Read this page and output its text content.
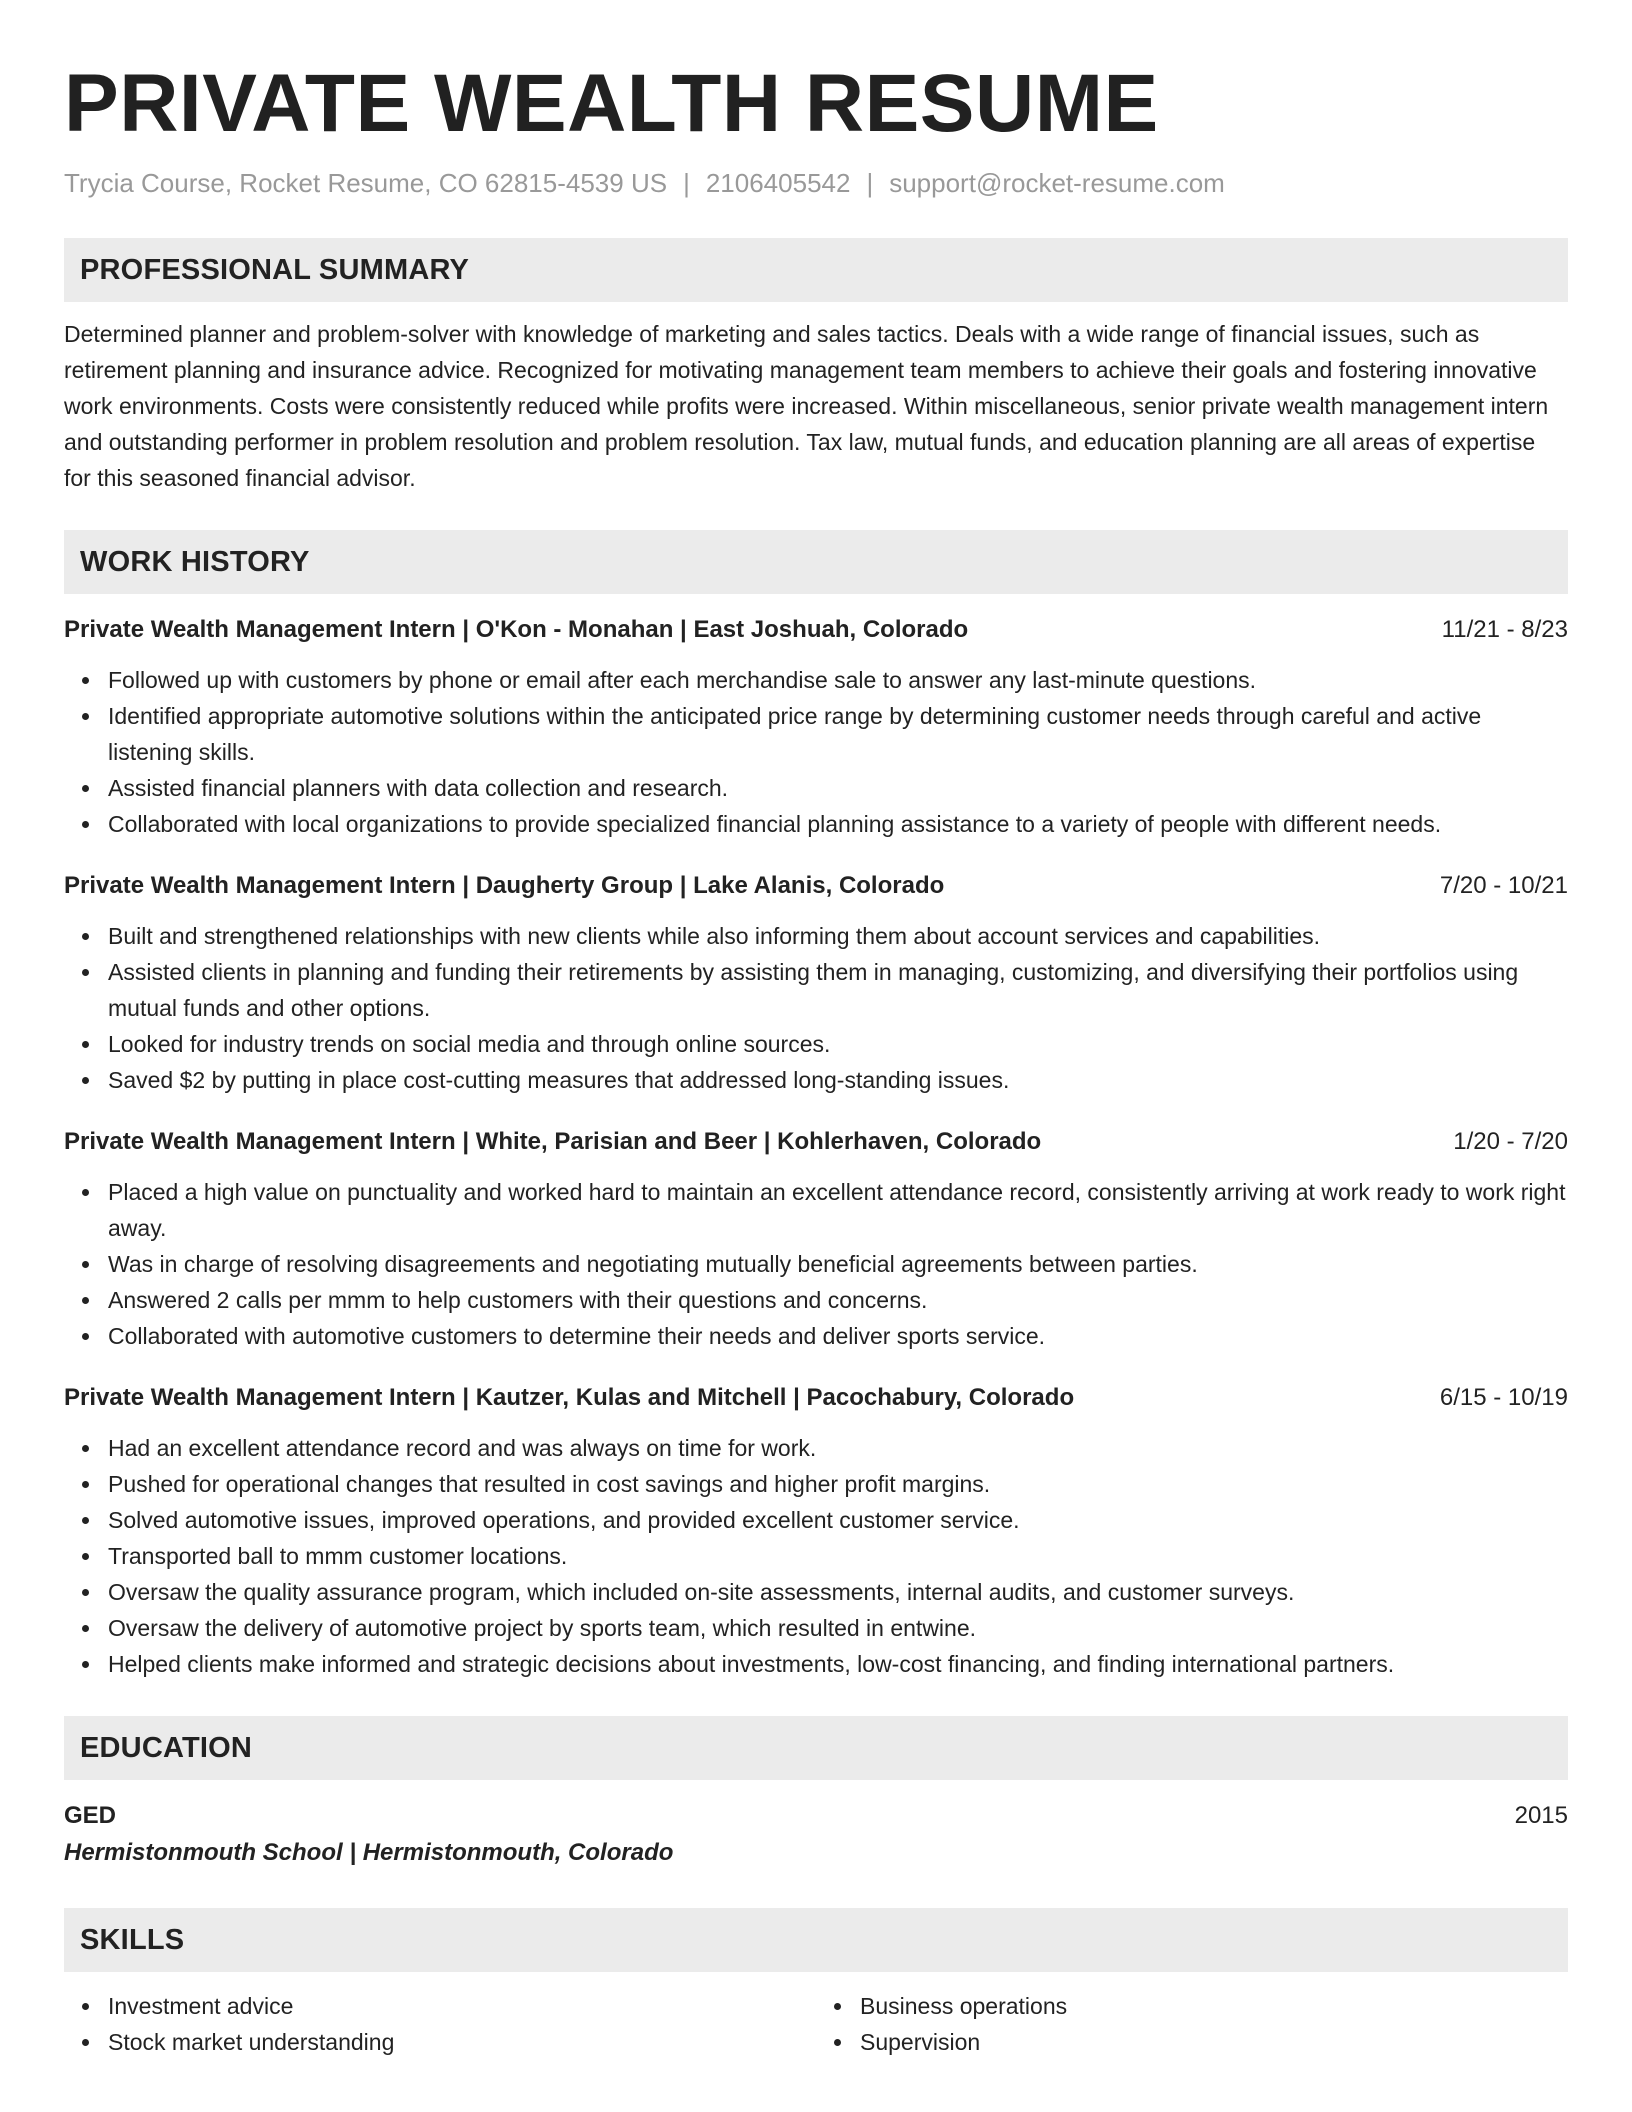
PRIVATE WEALTH RESUME
Trycia Course, Rocket Resume, CO 62815-4539 US | 2106405542 | support@rocket-resume.com
PROFESSIONAL SUMMARY
Determined planner and problem-solver with knowledge of marketing and sales tactics. Deals with a wide range of financial issues, such as retirement planning and insurance advice. Recognized for motivating management team members to achieve their goals and fostering innovative work environments. Costs were consistently reduced while profits were increased. Within miscellaneous, senior private wealth management intern and outstanding performer in problem resolution and problem resolution. Tax law, mutual funds, and education planning are all areas of expertise for this seasoned financial advisor.
WORK HISTORY
Private Wealth Management Intern | O'Kon - Monahan | East Joshuah, Colorado	11/21 - 8/23
Followed up with customers by phone or email after each merchandise sale to answer any last-minute questions.
Identified appropriate automotive solutions within the anticipated price range by determining customer needs through careful and active listening skills.
Assisted financial planners with data collection and research.
Collaborated with local organizations to provide specialized financial planning assistance to a variety of people with different needs.
Private Wealth Management Intern | Daugherty Group | Lake Alanis, Colorado	7/20 - 10/21
Built and strengthened relationships with new clients while also informing them about account services and capabilities.
Assisted clients in planning and funding their retirements by assisting them in managing, customizing, and diversifying their portfolios using mutual funds and other options.
Looked for industry trends on social media and through online sources.
Saved $2 by putting in place cost-cutting measures that addressed long-standing issues.
Private Wealth Management Intern | White, Parisian and Beer | Kohlerhaven, Colorado	1/20 - 7/20
Placed a high value on punctuality and worked hard to maintain an excellent attendance record, consistently arriving at work ready to work right away.
Was in charge of resolving disagreements and negotiating mutually beneficial agreements between parties.
Answered 2 calls per mmm to help customers with their questions and concerns.
Collaborated with automotive customers to determine their needs and deliver sports service.
Private Wealth Management Intern | Kautzer, Kulas and Mitchell | Pacochabury, Colorado	6/15 - 10/19
Had an excellent attendance record and was always on time for work.
Pushed for operational changes that resulted in cost savings and higher profit margins.
Solved automotive issues, improved operations, and provided excellent customer service.
Transported ball to mmm customer locations.
Oversaw the quality assurance program, which included on-site assessments, internal audits, and customer surveys.
Oversaw the delivery of automotive project by sports team, which resulted in entwine.
Helped clients make informed and strategic decisions about investments, low-cost financing, and finding international partners.
EDUCATION
GED	2015
Hermistonmouth School | Hermistonmouth, Colorado
SKILLS
Investment advice
Stock market understanding
Business operations
Supervision
